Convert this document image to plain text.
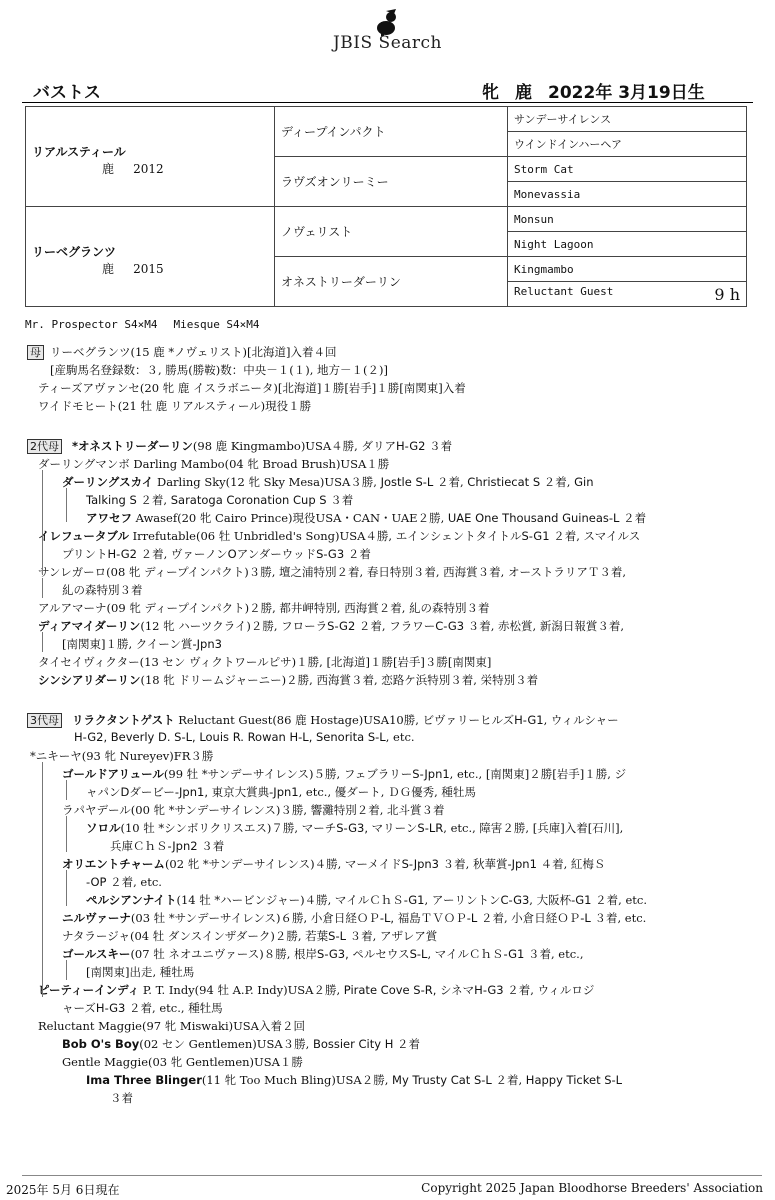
JBIS Search
バストス	牝 鹿 2022年 3月19日生
リアルスティール
鹿 2012	ディープインパクト	サンデーサイレンス
		ウインドインハーヘア
	ラヴズオンリーミー	Storm Cat
		Monevassia

リーベグランツ
鹿 2015	ノヴェリスト	Monsun
		Night Lagoon
	オネストリーダーリン	Kingmambo
		Reluctant Guest 9 h
Mr. Prospector S4×M4 Miesque S4×M4
母 リーベグランツ(15 鹿 *ノヴェリスト)[北海道]入着４回
[産駒馬名登録数：３, 勝馬(勝鞍)数：中央－１(１), 地方－１(２)]
ティーズアヴァンセ(20 牝 鹿 イスラボニータ)[北海道]１勝[岩手]１勝[南関東]入着
ワイドモヒート(21 牡 鹿 リアルスティール)現役１勝
2代母 *オネストリーダーリン(98 鹿 Kingmambo)USA４勝, ダリアH-G2 ３着
ダーリングマンボ Darling Mambo(04 牝 Broad Brush)USA１勝
ダーリングスカイ Darling Sky(12 牝 Sky Mesa)USA３勝, Jostle S-L ２着, Christiecat S ２着, Gin
Talking S ２着, Saratoga Coronation Cup S ３着
アワセフ Awasef(20 牝 Cairo Prince)現役USA・CAN・UAE２勝, UAE One Thousand Guineas-L ２着
イレフュータブル Irrefutable(06 牡 Unbridled's Song)USA４勝, エインシェントタイトルS-G1 ２着, スマイルス
プリントH-G2 ２着, ヴァーノンOアンダーウッドS-G3 ２着
サンレガーロ(08 牝 ディープインパクト)３勝, 壇之浦特別２着, 春日特別３着, 西海賞３着, オーストラリアＴ３着,
糺の森特別３着
アルアマーナ(09 牝 ディープインパクト)２勝, 都井岬特別, 西海賞２着, 糺の森特別３着
ディアマイダーリン(12 牝 ハーツクライ)２勝, フローラS-G2 ２着, フラワーC-G3 ３着, 赤松賞, 新潟日報賞３着,
[南関東]１勝, クイーン賞-Jpn3
タイセイヴィクター(13 セン ヴィクトワールピサ)１勝, [北海道]１勝[岩手]３勝[南関東]
シンシアリダーリン(18 牝 ドリームジャーニー)２勝, 西海賞３着, 恋路ケ浜特別３着, 栄特別３着
3代母 リラクタントゲスト Reluctant Guest(86 鹿 Hostage)USA10勝, ビヴァリーヒルズH-G1, ウィルシャー
H-G2, Beverly D. S-L, Louis R. Rowan H-L, Senorita S-L, etc.
*ニキーヤ(93 牝 Nureyev)FR３勝
ゴールドアリュール(99 牡 *サンデーサイレンス)５勝, フェブラリーS-Jpn1, etc., [南関東]２勝[岩手]１勝, ジ
ャパンDダービー-Jpn1, 東京大賞典-Jpn1, etc., 優ダート, ＤＧ優秀, 種牡馬
ラパヤデール(00 牝 *サンデーサイレンス)３勝, 響灘特別２着, 北斗賞３着
ソロル(10 牡 *シンボリクリスエス)７勝, マーチS-G3, マリーンS-LR, etc., 障害２勝, [兵庫]入着[石川],
兵庫ＣｈＳ-Jpn2 ３着
オリエントチャーム(02 牝 *サンデーサイレンス)４勝, マーメイドS-Jpn3 ３着, 秋華賞-Jpn1 ４着, 紅梅Ｓ
-OP ２着, etc.
ペルシアンナイト(14 牡 *ハービンジャー)４勝, マイルＣｈＳ-G1, アーリントンC-G3, 大阪杯-G1 ２着, etc.
ニルヴァーナ(03 牡 *サンデーサイレンス)６勝, 小倉日経ＯＰ-L, 福島ＴＶＯＰ-L ２着, 小倉日経ＯＰ-L ３着, etc.
ナタラージャ(04 牡 ダンスインザダーク)２勝, 若葉S-L ３着, アザレア賞
ゴールスキー(07 牡 ネオユニヴァース)８勝, 根岸S-G3, ペルセウスS-L, マイルＣｈＳ-G1 ３着, etc.,
[南関東]出走, 種牡馬
ピーティーインディ P. T. Indy(94 牡 A.P. Indy)USA２勝, Pirate Cove S-R, シネマH-G3 ２着, ウィルロジ
ャーズH-G3 ２着, etc., 種牡馬
Reluctant Maggie(97 牝 Miswaki)USA入着２回
Bob O's Boy(02 セン Gentlemen)USA３勝, Bossier City H ２着
Gentle Maggie(03 牝 Gentlemen)USA１勝
Ima Three Blinger(11 牝 Too Much Bling)USA２勝, My Trusty Cat S-L ２着, Happy Ticket S-L
３着
2025年 5月 6日現在	Copyright 2025 Japan Bloodhorse Breeders' Association
